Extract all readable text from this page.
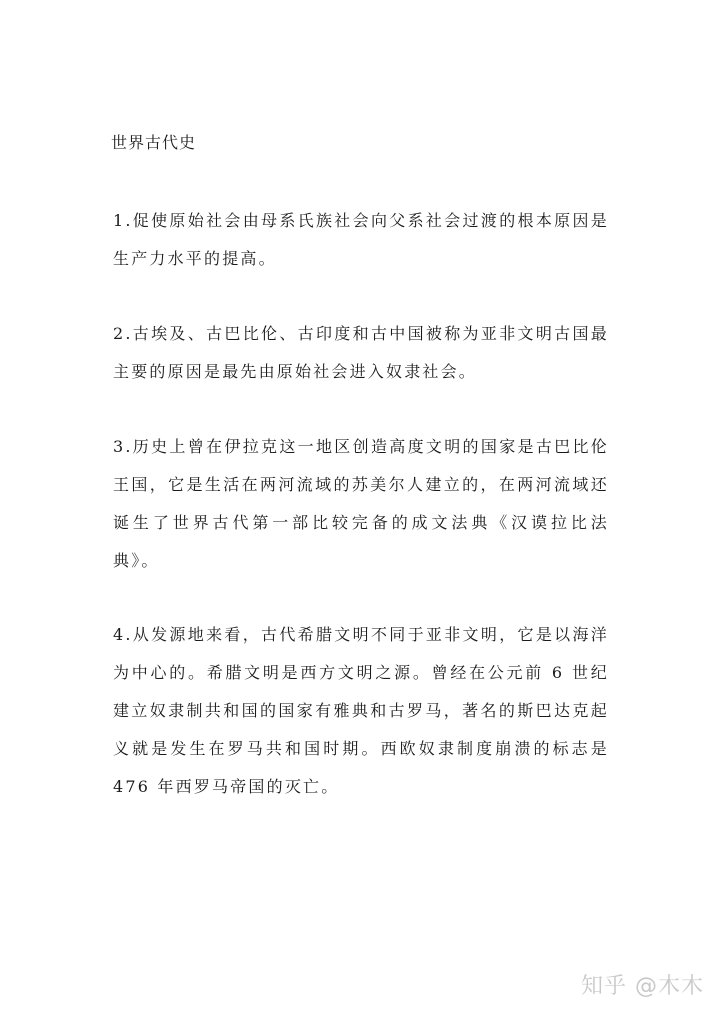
世界古代史

1.促使原始社会由母系氏族社会向父系社会过渡的根本原因是生产力水平的提高。

2.古埃及、古巴比伦、古印度和古中国被称为亚非文明古国最主要的原因是最先由原始社会进入奴隶社会。

3.历史上曾在伊拉克这一地区创造高度文明的国家是古巴比伦王国，它是生活在两河流域的苏美尔人建立的，在两河流域还诞生了世界古代第一部比较完备的成文法典《汉谟拉比法典》。

4.从发源地来看，古代希腊文明不同于亚非文明，它是以海洋为中心的。希腊文明是西方文明之源。曾经在公元前 6 世纪建立奴隶制共和国的国家有雅典和古罗马，著名的斯巴达克起义就是发生在罗马共和国时期。西欧奴隶制度崩溃的标志是 476 年西罗马帝国的灭亡。

知乎 @木木
